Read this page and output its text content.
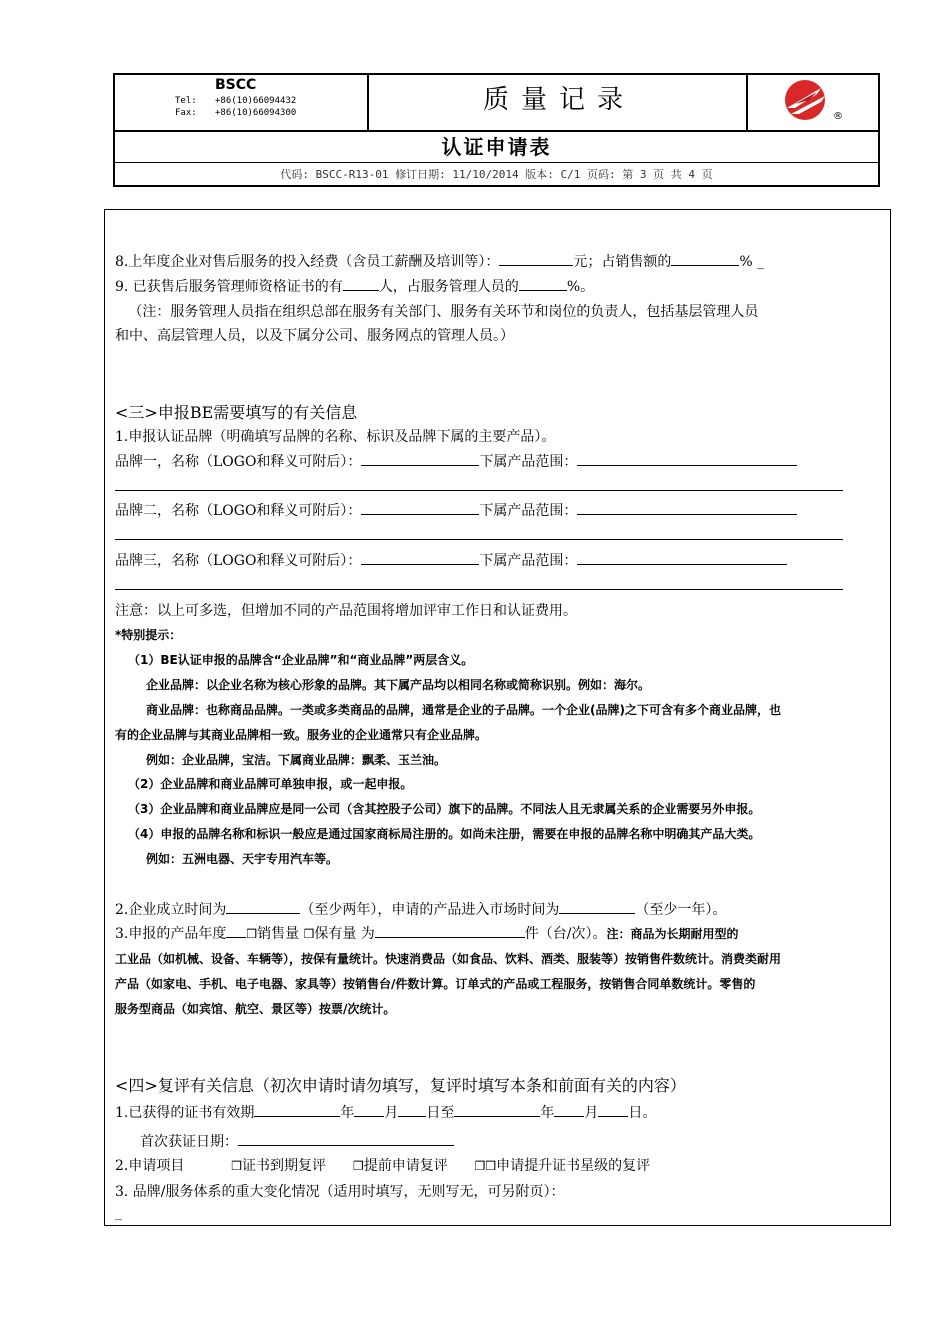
BSCC
Tel: +86(10)66094432
Fax: +86(10)66094300	质量记录
®
认证申请表
代码: BSCC-R13-01 修订日期: 11/10/2014 版本: C/1 页码: 第 3 页 共 4 页
8.上年度企业对售后服务的投入经费（含员工薪酬及培训等）：	元；占销售额的	% _
9. 已获售后服务管理师资格证书的有	人，占服务管理人员的	%。
（注：服务管理人员指在组织总部在服务有关部门、服务有关环节和岗位的负责人，包括基层管理人员
和中、高层管理人员，以及下属分公司、服务网点的管理人员。）
<三>申报BE需要填写的有关信息
1.申报认证品牌（明确填写品牌的名称、标识及品牌下属的主要产品）。
品牌一，名称（LOGO和释义可附后）：	下属产品范围：
品牌二，名称（LOGO和释义可附后）：	下属产品范围：
品牌三，名称（LOGO和释义可附后）：	下属产品范围：
注意：以上可多选，但增加不同的产品范围将增加评审工作日和认证费用。
*特别提示：
（1）BE认证申报的品牌含“企业品牌”和“商业品牌”两层含义。
企业品牌：以企业名称为核心形象的品牌。其下属产品均以相同名称或简称识别。例如：海尔。
商业品牌：也称商品品牌。一类或多类商品的品牌，通常是企业的子品牌。一个企业(品牌)之下可含有多个商业品牌，也
有的企业品牌与其商业品牌相一致。服务业的企业通常只有企业品牌。
例如：企业品牌，宝洁。下属商业品牌：飘柔、玉兰油。
（2）企业品牌和商业品牌可单独申报，或一起申报。
（3）企业品牌和商业品牌应是同一公司（含其控股子公司）旗下的品牌。不同法人且无隶属关系的企业需要另外申报。
（4）申报的品牌名称和标识一般应是通过国家商标局注册的。如尚未注册，需要在申报的品牌名称中明确其产品大类。
例如：五洲电器、天宇专用汽车等。
2.企业成立时间为	（至少两年），申请的产品进入市场时间为	（至少一年）。
3.申报的产品年度 ❒销售量 ❒保有量 为	件（台/次）。注：商品为长期耐用型的
工业品（如机械、设备、车辆等），按保有量统计。快速消费品（如食品、饮料、酒类、服装等）按销售件数统计。消费类耐用
产品（如家电、手机、电子电器、家具等）按销售台/件数计算。订单式的产品或工程服务，按销售合同单数统计。零售的
服务型商品（如宾馆、航空、景区等）按票/次统计。
<四>复评有关信息（初次申请时请勿填写，复评时填写本条和前面有关的内容）
1.已获得的证书有效期	年 月 日至	年 月 日。
首次获证日期：
2.申请项目	❒证书到期复评 ❒提前申请复评 ❒❒申请提升证书星级的复评
3. 品牌/服务体系的重大变化情况（适用时填写，无则写无，可另附页）：
_
